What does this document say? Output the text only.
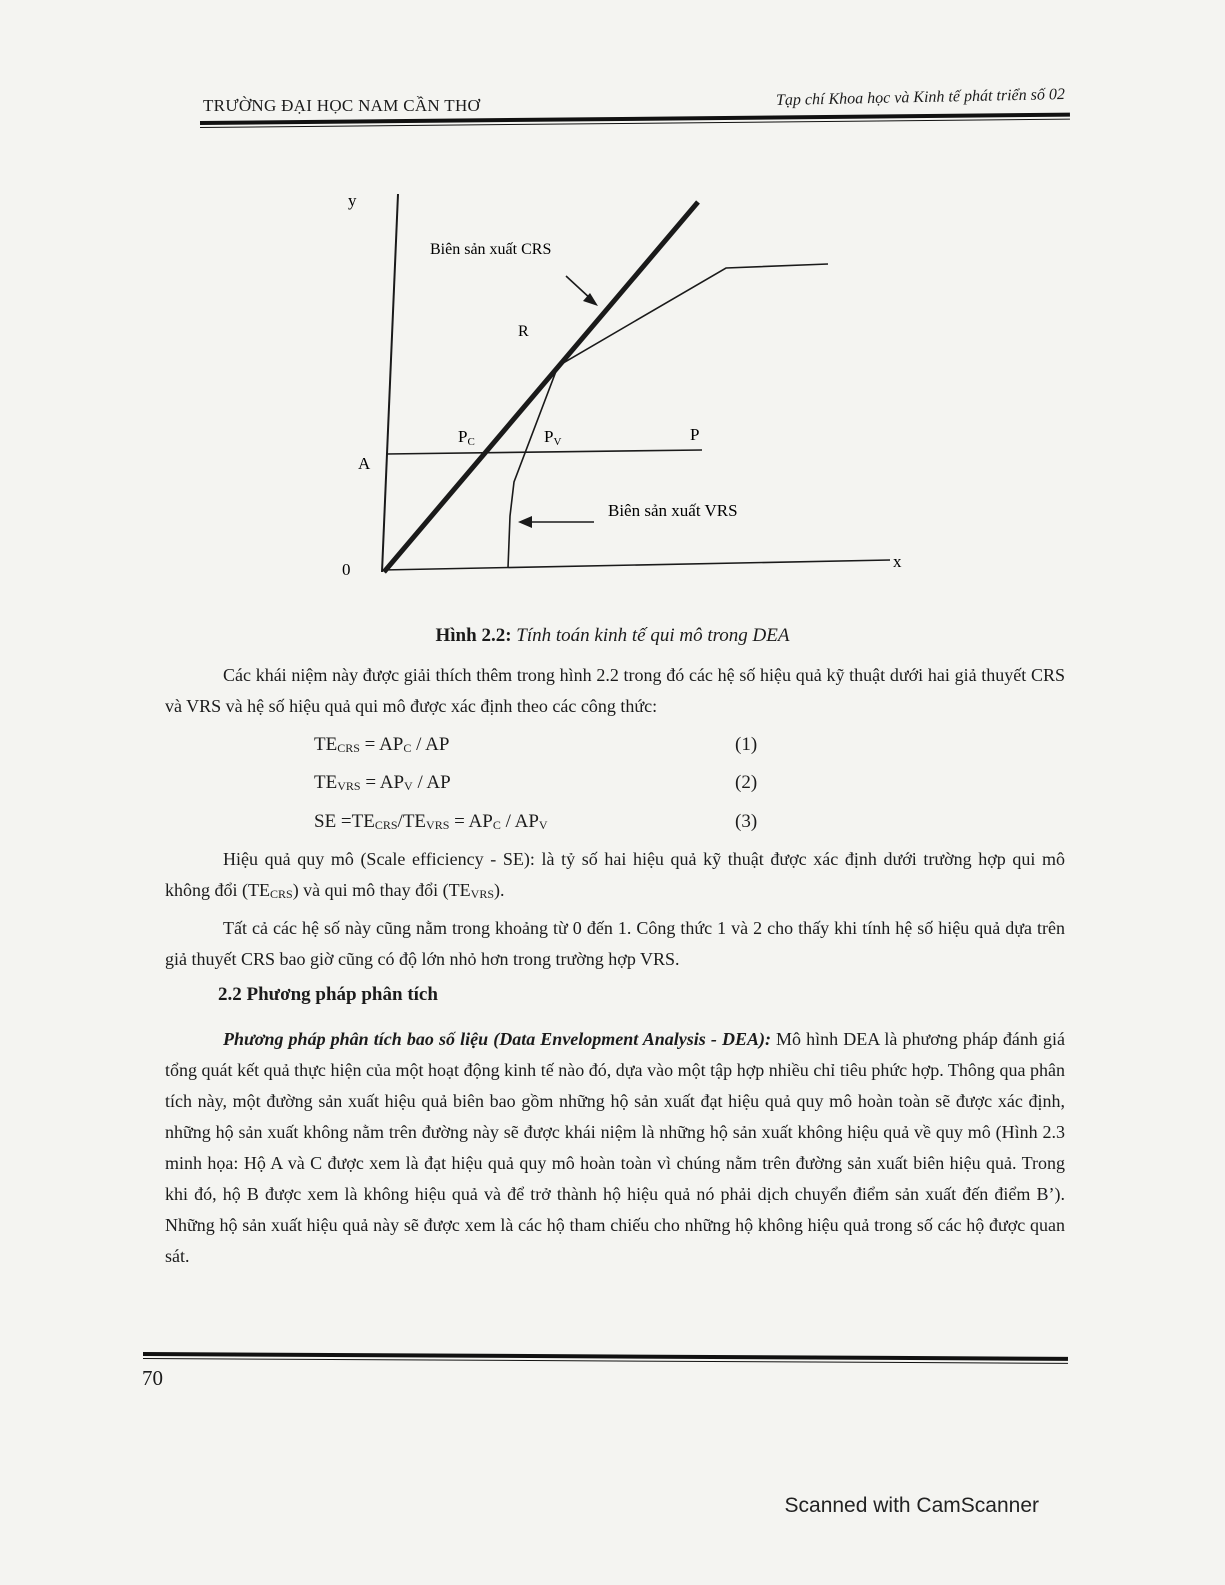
TRƯỜNG ĐẠI HỌC NAM CẦN THƠ	Tạp chí Khoa học và Kinh tế phát triển số 02
y
x
0
Biên sản xuất CRS
Biên sản xuất VRS
R
A
P
PC	PV
Hình 2.2: Tính toán kinh tế qui mô trong DEA
Các khái niệm này được giải thích thêm trong hình 2.2 trong đó các hệ số hiệu quả kỹ thuật dưới hai giả thuyết CRS và VRS và hệ số hiệu quả qui mô được xác định theo các công thức:
$TE_{CRS} = AP_C$ / AP	(1)
$TE_{VRS} = AP_V$ / AP	(2)
SE $=TE_{CRS}/TE_{VRS} = AP_C / AP_V$	(3)
Hiệu quả quy mô (Scale efficiency - SE): là tỷ số hai hiệu quả kỹ thuật được xác định dưới trường hợp qui mô không đổi $(TE_{CRS})$ và qui mô thay đổi $(TE_{VRS})$.
Tất cả các hệ số này cũng nằm trong khoảng từ 0 đến 1. Công thức 1 và 2 cho thấy khi tính hệ số hiệu quả dựa trên giả thuyết CRS bao giờ cũng có độ lớn nhỏ hơn trong trường hợp VRS.
2.2 Phương pháp phân tích
Phương pháp phân tích bao số liệu (Data Envelopment Analysis - DEA): Mô hình DEA là phương pháp đánh giá tổng quát kết quả thực hiện của một hoạt động kinh tế nào đó, dựa vào một tập hợp nhiều chỉ tiêu phức hợp. Thông qua phân tích này, một đường sản xuất hiệu quả biên bao gồm những hộ sản xuất đạt hiệu quả quy mô hoàn toàn sẽ được xác định, những hộ sản xuất không nằm trên đường này sẽ được khái niệm là những hộ sản xuất không hiệu quả về quy mô (Hình 2.3 minh họa: Hộ A và C được xem là đạt hiệu quả quy mô hoàn toàn vì chúng nằm trên đường sản xuất biên hiệu quả. Trong khi đó, hộ B được xem là không hiệu quả và để trở thành hộ hiệu quả nó phải dịch chuyển điểm sản xuất đến điểm B’). Những hộ sản xuất hiệu quả này sẽ được xem là các hộ tham chiếu cho những hộ không hiệu quả trong số các hộ được quan sát.
70
Scanned with CamScanner
